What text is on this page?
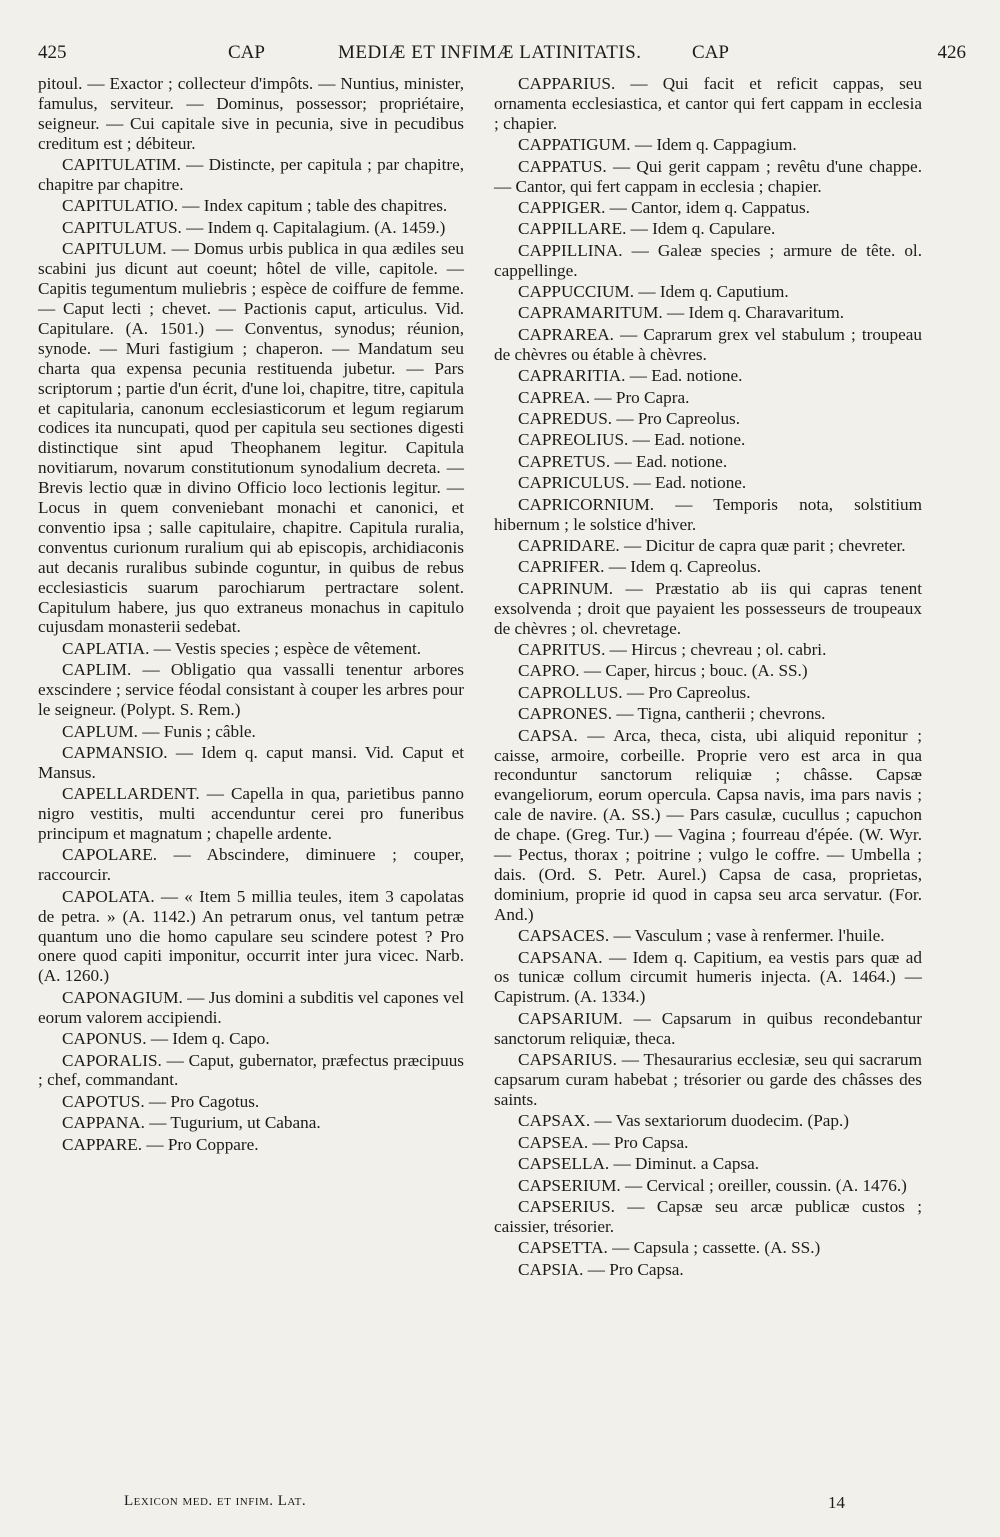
425	CAP	MEDIÆ ET INFIMÆ LATINITATIS.	CAP	426

pitoul. — Exactor ; collecteur d'impôts. — Nuntius, minister, famulus, serviteur. — Dominus, possessor; propriétaire, seigneur. — Cui capitale sive in pecunia, sive in pecudibus creditum est ; débiteur.

CAPITULATIM. — Distincte, per capitula ; par chapitre, chapitre par chapitre.

CAPITULATIO. — Index capitum ; table des chapitres.

CAPITULATUS. — Indem q. Capitalagium. (A. 1459.)

CAPITULUM. — Domus urbis publica in qua ædiles seu scabini jus dicunt aut coeunt; hôtel de ville, capitole. — Capitis tegumentum muliebris ; espèce de coiffure de femme. — Caput lecti ; chevet. — Pactionis caput, articulus. Vid. Capitulare. (A. 1501.) — Conventus, synodus; réunion, synode. — Muri fastigium ; chaperon. — Mandatum seu charta qua expensa pecunia restituenda jubetur. — Pars scriptorum ; partie d'un écrit, d'une loi, chapitre, titre, capitula et capitularia, canonum ecclesiasticorum et legum regiarum codices ita nuncupati, quod per capitula seu sectiones digesti distinctique sint apud Theophanem legitur. Capitula novitiarum, novarum constitutionum synodalium decreta. — Brevis lectio quæ in divino Officio loco lectionis legitur. — Locus in quem conveniebant monachi et canonici, et conventio ipsa ; salle capitulaire, chapitre. Capitula ruralia, conventus curionum ruralium qui ab episcopis, archidiaconis aut decanis ruralibus subinde coguntur, in quibus de rebus ecclesiasticis suarum parochiarum pertractare solent. Capitulum habere, jus quo extraneus monachus in capitulo cujusdam monasterii sedebat.

CAPLATIA. — Vestis species ; espèce de vêtement.

CAPLIM. — Obligatio qua vassalli tenentur arbores exscindere ; service féodal consistant à couper les arbres pour le seigneur. (Polypt. S. Rem.)

CAPLUM. — Funis ; câble.

CAPMANSIO. — Idem q. caput mansi. Vid. Caput et Mansus.

CAPELLARDENT. — Capella in qua, parietibus panno nigro vestitis, multi accenduntur cerei pro funeribus principum et magnatum ; chapelle ardente.

CAPOLARE. — Abscindere, diminuere ; couper, raccourcir.

CAPOLATA. — « Item 5 millia teules, item 3 capolatas de petra. » (A. 1142.) An petrarum onus, vel tantum petræ quantum uno die homo capulare seu scindere potest ? Pro onere quod capiti imponitur, occurrit inter jura vicec. Narb. (A. 1260.)

CAPONAGIUM. — Jus domini a subditis vel capones vel eorum valorem accipiendi.

CAPONUS. — Idem q. Capo.

CAPORALIS. — Caput, gubernator, præfectus præcipuus ; chef, commandant.

CAPOTUS. — Pro Cagotus.

CAPPANA. — Tugurium, ut Cabana.

CAPPARE. — Pro Coppare.

CAPPARIUS. — Qui facit et reficit cappas, seu ornamenta ecclesiastica, et cantor qui fert cappam in ecclesia ; chapier.

CAPPATIGUM. — Idem q. Cappagium.

CAPPATUS. — Qui gerit cappam ; revêtu d'une chappe. — Cantor, qui fert cappam in ecclesia ; chapier.

CAPPIGER. — Cantor, idem q. Cappatus.

CAPPILLARE. — Idem q. Capulare.

CAPPILLINA. — Galeæ species ; armure de tête. ol. cappellinge.

CAPPUCCIUM. — Idem q. Caputium.

CAPRAMARITUM. — Idem q. Charavaritum.

CAPRAREA. — Caprarum grex vel stabulum ; troupeau de chèvres ou étable à chèvres.

CAPRARITIA. — Ead. notione.

CAPREA. — Pro Capra.

CAPREDUS. — Pro Capreolus.

CAPREOLIUS. — Ead. notione.

CAPRETUS. — Ead. notione.

CAPRICULUS. — Ead. notione.

CAPRICORNIUM. — Temporis nota, solstitium hibernum ; le solstice d'hiver.

CAPRIDARE. — Dicitur de capra quæ parit ; chevreter.

CAPRIFER. — Idem q. Capreolus.

CAPRINUM. — Præstatio ab iis qui capras tenent exsolvenda ; droit que payaient les possesseurs de troupeaux de chèvres ; ol. chevretage.

CAPRITUS. — Hircus ; chevreau ; ol. cabri.

CAPRO. — Caper, hircus ; bouc. (A. SS.)

CAPROLLUS. — Pro Capreolus.

CAPRONES. — Tigna, cantherii ; chevrons.

CAPSA. — Arca, theca, cista, ubi aliquid reponitur ; caisse, armoire, corbeille. Proprie vero est arca in qua reconduntur sanctorum reliquiæ ; châsse. Capsæ evangeliorum, eorum opercula. Capsa navis, ima pars navis ; cale de navire. (A. SS.) — Pars casulæ, cucullus ; capuchon de chape. (Greg. Tur.) — Vagina ; fourreau d'épée. (W. Wyr. — Pectus, thorax ; poitrine ; vulgo le coffre. — Umbella ; dais. (Ord. S. Petr. Aurel.) Capsa de casa, proprietas, dominium, proprie id quod in capsa seu arca servatur. (For. And.)

CAPSACES. — Vasculum ; vase à renfermer. l'huile.

CAPSANA. — Idem q. Capitium, ea vestis pars quæ ad os tunicæ collum circumit humeris injecta. (A. 1464.) — Capistrum. (A. 1334.)

CAPSARIUM. — Capsarum in quibus recondebantur sanctorum reliquiæ, theca.

CAPSARIUS. — Thesaurarius ecclesiæ, seu qui sacrarum capsarum curam habebat ; trésorier ou garde des châsses des saints.

CAPSAX. — Vas sextariorum duodecim. (Pap.)

CAPSEA. — Pro Capsa.

CAPSELLA. — Diminut. a Capsa.

CAPSERIUM. — Cervical ; oreiller, coussin. (A. 1476.)

CAPSERIUS. — Capsæ seu arcæ publicæ custos ; caissier, trésorier.

CAPSETTA. — Capsula ; cassette. (A. SS.)

CAPSIA. — Pro Capsa.

Lexicon med. et infim. Lat.	14
